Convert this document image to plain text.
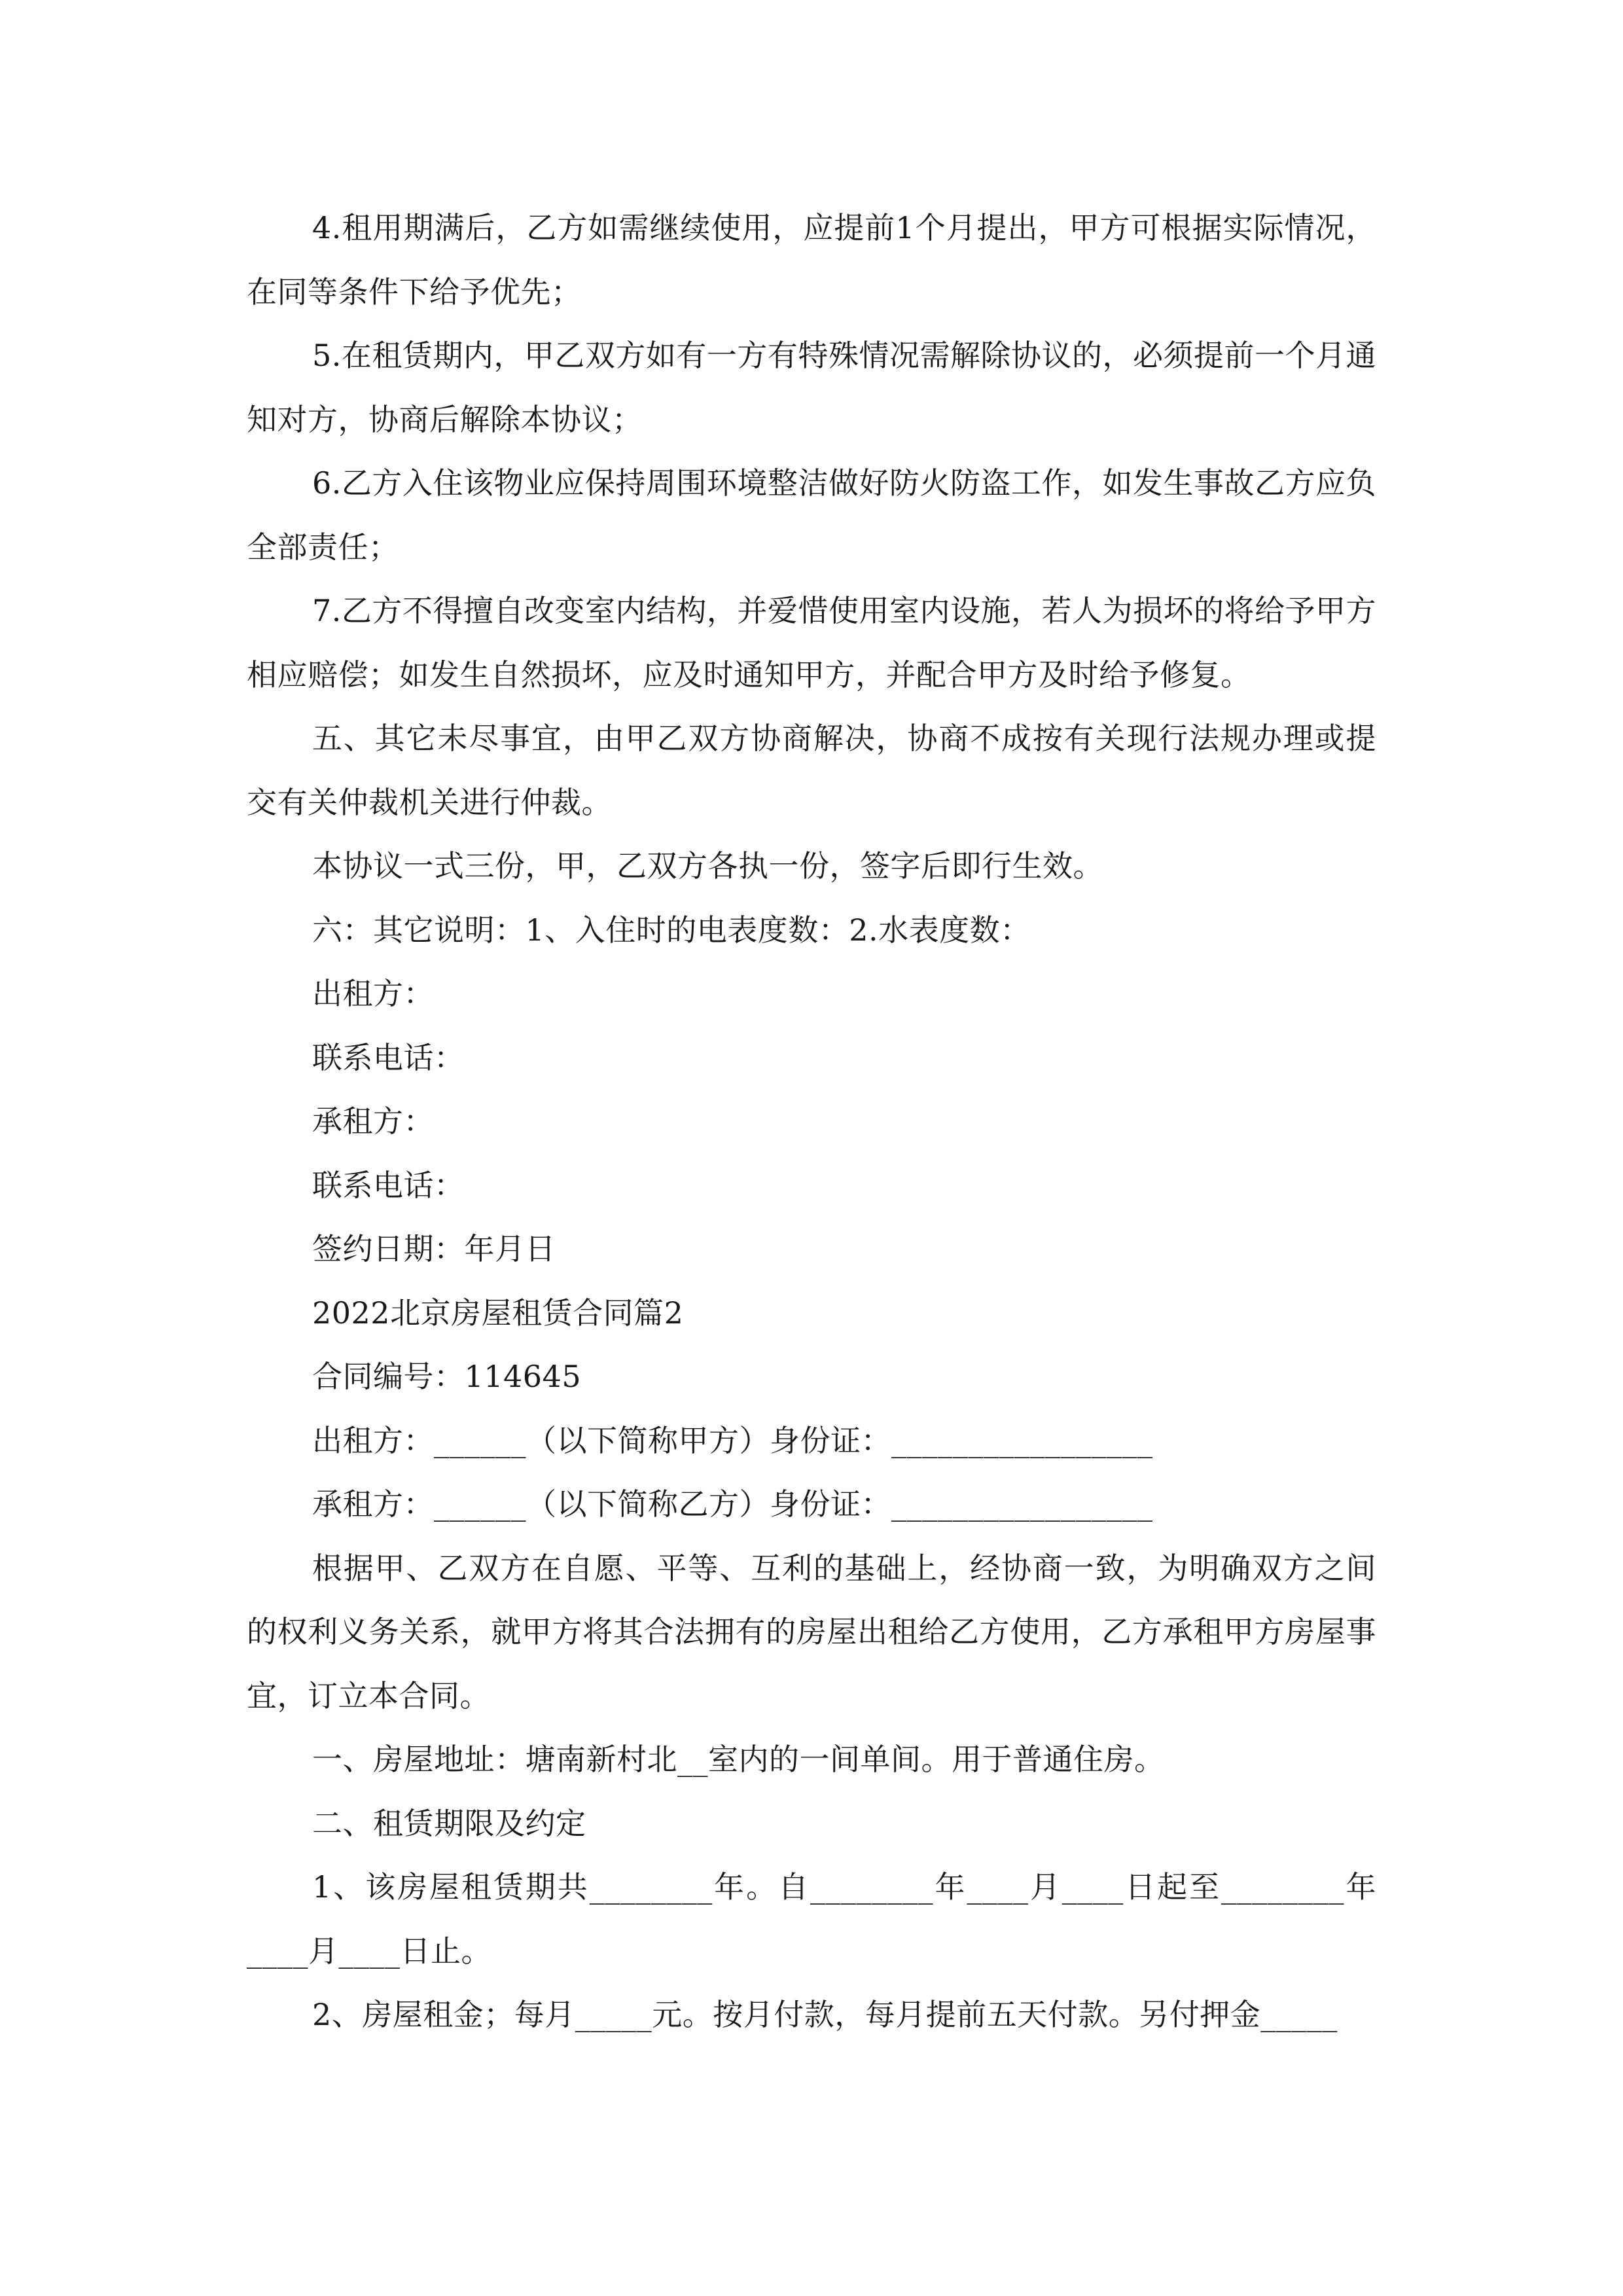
4.租用期满后，乙方如需继续使用，应提前1个月提出，甲方可根据实际情况，在同等条件下给予优先；

5.在租赁期内，甲乙双方如有一方有特殊情况需解除协议的，必须提前一个月通知对方，协商后解除本协议；

6.乙方入住该物业应保持周围环境整洁做好防火防盗工作，如发生事故乙方应负全部责任；

7.乙方不得擅自改变室内结构，并爱惜使用室内设施，若人为损坏的将给予甲方相应赔偿；如发生自然损坏，应及时通知甲方，并配合甲方及时给予修复。

五、其它未尽事宜，由甲乙双方协商解决，协商不成按有关现行法规办理或提交有关仲裁机关进行仲裁。

本协议一式三份，甲，乙双方各执一份，签字后即行生效。

六：其它说明：1、入住时的电表度数：2.水表度数：

出租方：

联系电话：

承租方：

联系电话：

签约日期：年月日

2022北京房屋租赁合同篇2

合同编号：114645

出租方：______（以下简称甲方）身份证：_________________

承租方：______（以下简称乙方）身份证：_________________

根据甲、乙双方在自愿、平等、互利的基础上，经协商一致，为明确双方之间的权利义务关系，就甲方将其合法拥有的房屋出租给乙方使用，乙方承租甲方房屋事宜，订立本合同。

一、房屋地址：塘南新村北__室内的一间单间。用于普通住房。

二、租赁期限及约定

1、该房屋租赁期共________年。自________年____月____日起至________年____月____日止。

2、房屋租金；每月_____元。按月付款，每月提前五天付款。另付押金_____
